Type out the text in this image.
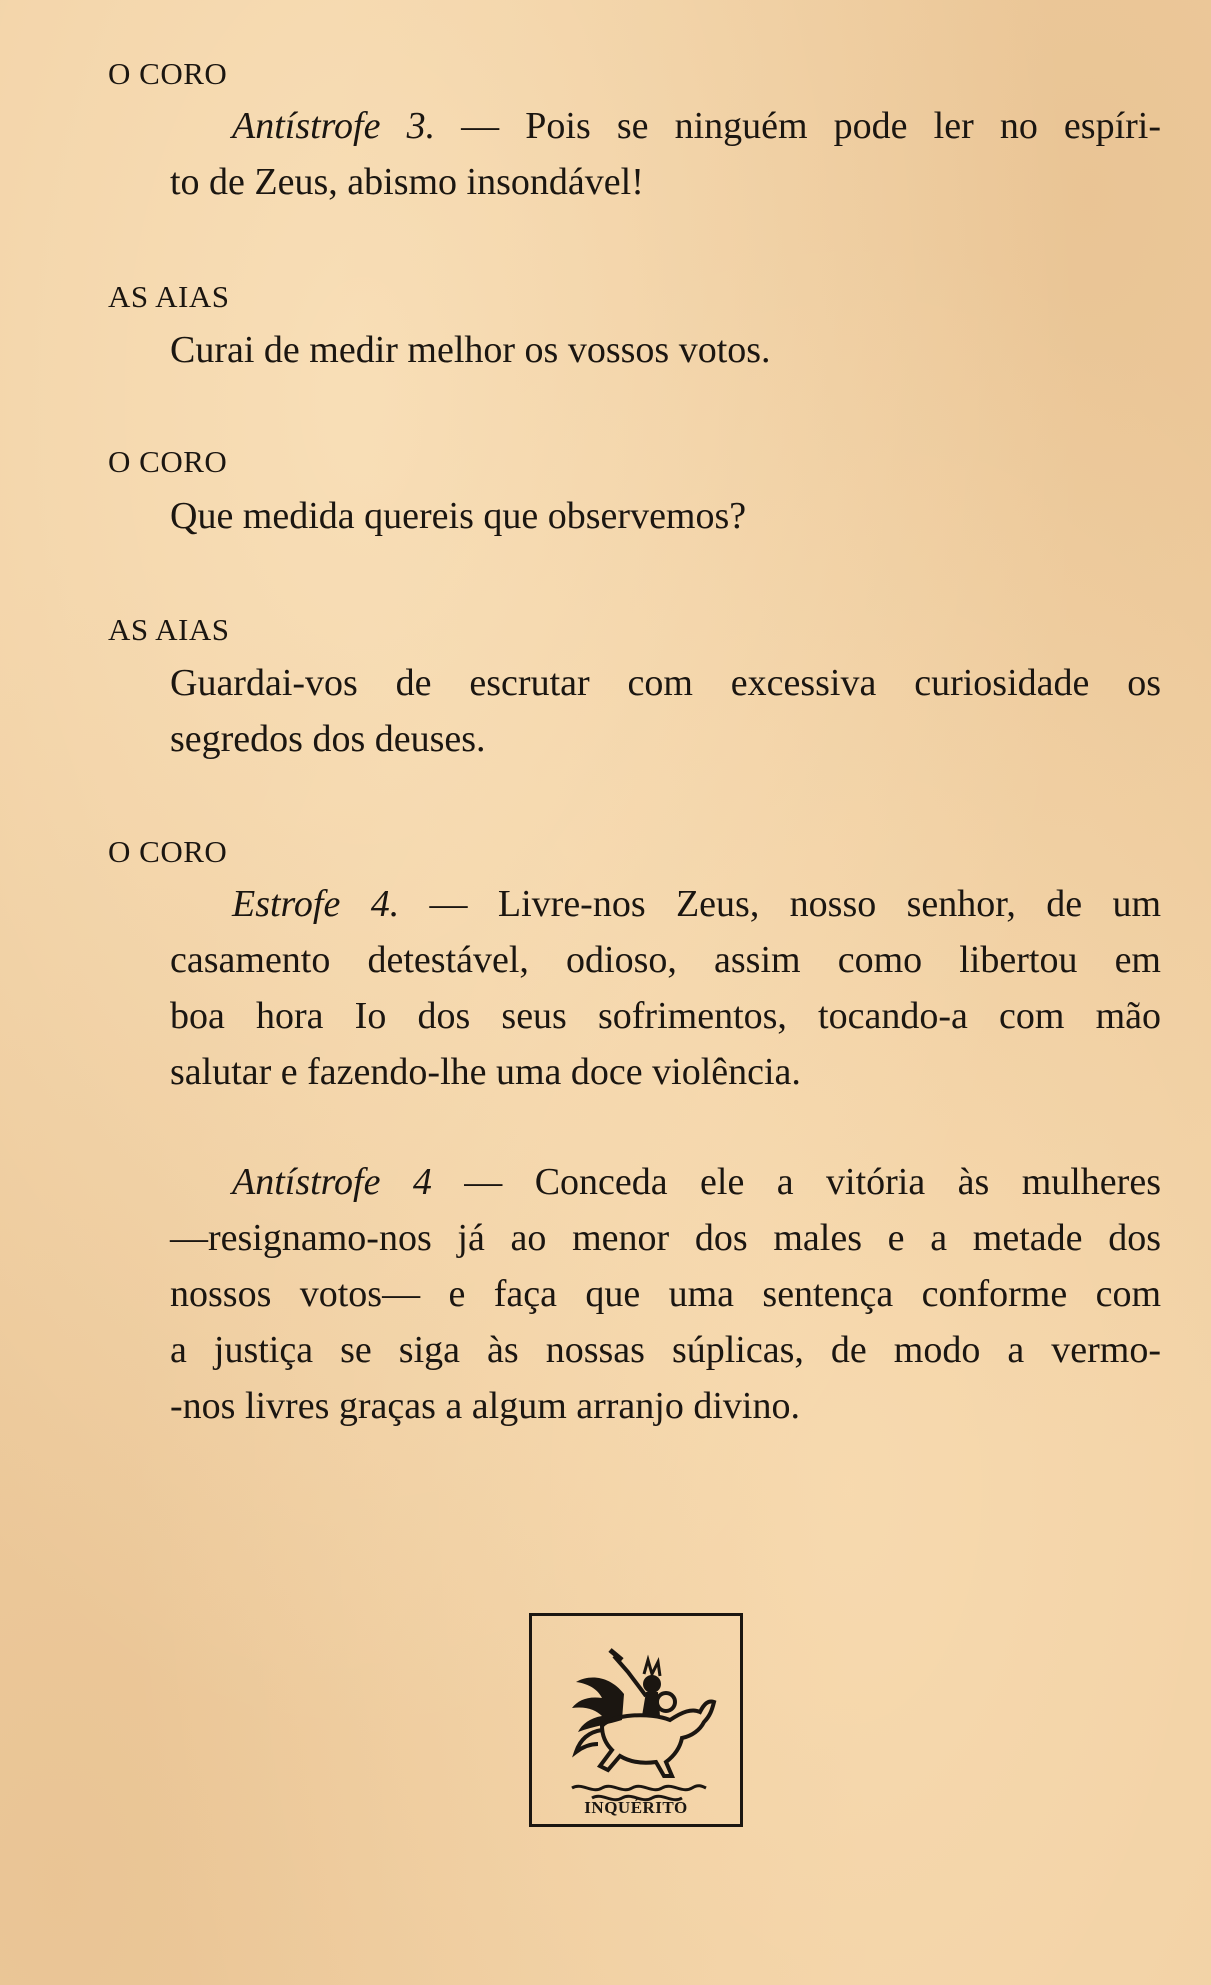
O CORO
Antístrofe 3. — Pois se ninguém pode ler no espíri-
to de Zeus, abismo insondável!
AS AIAS
Curai de medir melhor os vossos votos.
O CORO
Que medida quereis que observemos?
AS AIAS
Guardai-vos de escrutar com excessiva curiosidade os
segredos dos deuses.
O CORO
Estrofe 4. — Livre-nos Zeus, nosso senhor, de um
casamento detestável, odioso, assim como libertou em
boa hora Io dos seus sofrimentos, tocando-a com mão
salutar e fazendo-lhe uma doce violência.
Antístrofe 4 — Conceda ele a vitória às mulheres
—resignamo-nos já ao menor dos males e a metade dos
nossos votos— e faça que uma sentença conforme com
a justiça se siga às nossas súplicas, de modo a vermo-
-nos livres graças a algum arranjo divino.
INQUÉRITO
